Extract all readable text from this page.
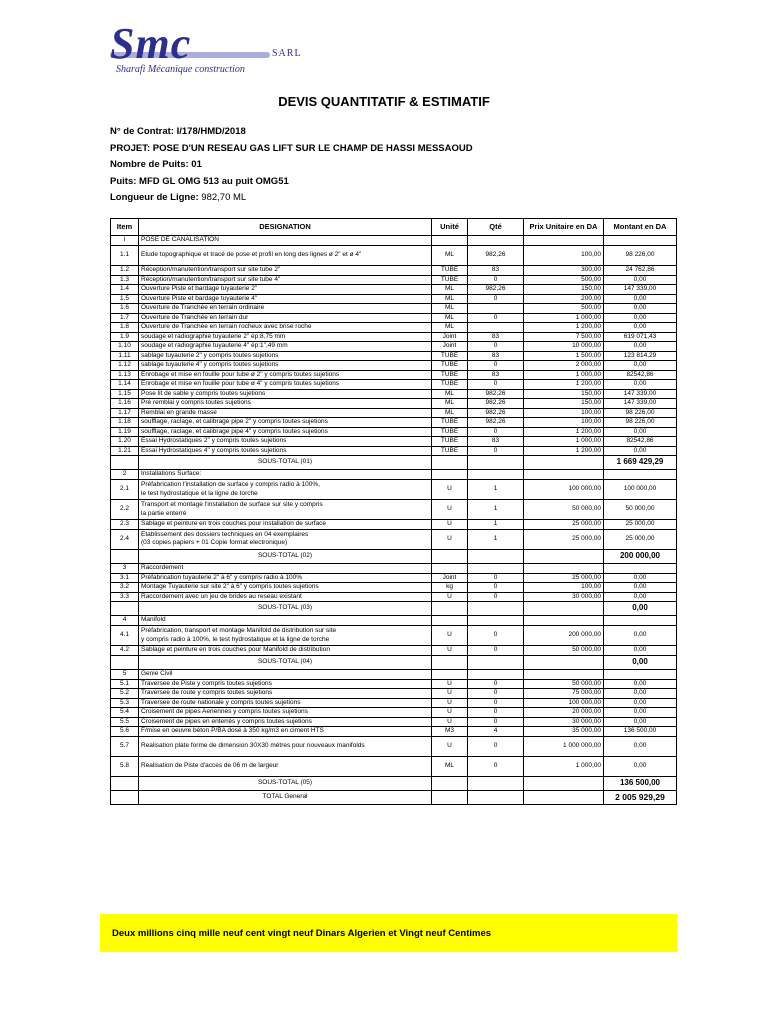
Smc	SARL
Sharafi Mécanique construction
DEVIS QUANTITATIF & ESTIMATIF
N° de Contrat: I/178/HMD/2018
PROJET: POSE D'UN RESEAU GAS LIFT SUR LE CHAMP DE HASSI MESSAOUD
Nombre de Puits: 01
Puits: MFD GL OMG 513 au puit OMG51
Longueur de Ligne: 982,70 ML
Item	DESIGNATION	Unité	Qté	Prix Unitaire en DA	Montant en DA
I	POSE DE CANALISATION				
1.1	Etude topographique et tracé de pose et profil en long des lignes ø 2" et ø 4"	ML	982,26	100,00	98 226,00
1.2	Réception/manutention/transport sur site tube 2"	TUBE	83	300,00	24 762,86
1.3	Réception/manutention/transport sur site tube 4"	TUBE	0	500,00	0,00
1.4	Ouverture Piste et bardage tuyauterie 2"	ML	982,26	150,00	147 339,00
1.5	Ouverture Piste et bardage tuyauterie 4"	ML	0	200,00	0,00
1.6	Ouverture de Tranchée en terrain ordinaire	ML		500,00	0,00
1.7	Ouverture de Tranchée en terrain dur	ML	0	1 000,00	0,00
1.8	Ouverture de Tranchée en terrain rocheux avec brise roche	ML		1 200,00	0,00
1.9	soudage et radiographie tuyauterie 2" ép:8,75 mm	Joint	83	7 500,00	619 071,43
1.10	soudage et radiographie tuyauterie 4" ép:1",49 mm	Joint	0	10 000,00	0,00
1.11	sablage tuyauterie 2" y compris toutes sujetions	TUBE	83	1 500,00	123 814,29
1.12	sablage tuyauterie 4" y compris toutes sujetions	TUBE	0	2 000,00	0,00
1.13	Enrobage et mise en fouille pour tube ø 2" y compris toutes sujetions	TUBE	83	1 000,00	82542,86
1.14	Enrobage et mise en fouille pour tube ø 4" y compris toutes sujetions	TUBE	0	1 200,00	0,00
1.15	Pose lit de sable y compris toutes sujetions	ML	982,26	150,00	147 339,00
1.16	Pré remblai y compris toutes sujetions	ML	982,26	150,00	147 339,00
1.17	Remblai en grande masse	ML	982,26	100,00	98 226,00
1.18	soufflage, raclage, et calibrage pipe 2" y compris toutes sujetions	TUBE	982,26	100,00	98 226,00
1.19	soufflage, raclage, et calibrage pipe 4" y compris toutes sujetions	TUBE	0	1 200,00	0,00
1.20	Essai Hydrostatiques 2" y compris toutes sujetions	TUBE	83	1 000,00	82542,86
1.21	Essai Hydrostatiques 4" y compris toutes sujetions	TUBE	0	1 200,00	0,00
	SOUS-TOTAL (01)				1 669 429,29
2	Installations Surface:				
2.1	Préfabrication l'installation de surface y compris radio à 100%,
le test hydrostatique et la ligne de torche	U	1	100 000,00	100 000,00
2.2	Transport et montage l'installation de surface sur site y compris
la partie enterré	U	1	50 000,00	50 000,00
2.3	Sablage et peinture en trois couches pour installation de surface	U	1	25 000,00	25 000,00
2.4	Etablissement des dossiers techniques en 04 exemplaires
(03 copies papiers + 01 Copie format electronique)	U	1	25 000,00	25 000,00
	SOUS-TOTAL (02)				200 000,00
3	Raccordement				
3.1	Préfabrication tuyauterie 2" à 6" y compris radio à 100%	Joint	0	25 000,00	0,00
3.2	Montage Tuyauterie sur site 2" à 6" y compris toutes sujetions	kg	0	100,00	0,00
3.3	Raccordement avec un jeu de brides au reseau existant	U	0	30 000,00	0,00
	SOUS-TOTAL (03)				0,00
4	Manifold				
4.1	Préfabrication, transport et montage Manifold de distribution sur site
y compris radio à 100%, le test hydrostatique et la ligne de torche	U	0	200 000,00	0,00
4.2	Sablage et peinture en trois couches pour Manifold de distribution	U	0	50 000,00	0,00
	SOUS-TOTAL (04)				0,00
5	Genie Civil				
5.1	Traversee de Piste y compris toutes sujetions	U	0	50 000,00	0,00
5.2	Traversee de route y compris toutes sujetions	U	0	75 000,00	0,00
5.3	Traversee de route nationale y compris toutes sujetions	U	0	100 000,00	0,00
5.4	Croisement de pipes Aeriennes y compris toutes sujetions	U	0	20 000,00	0,00
5.5	Croisement de pipes en enterrés y compris toutes sujetions	U	0	30 000,00	0,00
5.6	F/mise en oeuvre béton P/BA dosé à 350 kg/m3 en ciment HTS	M3	4	35 000,00	136 500,00
5.7	Realisation plate forme de dimension 30X30 métres pour nouveaux manifolds	U	0	1 000 000,00	0,00
5.8	Realisation de Piste d'acces de 06 m de largeur	ML	0	1 000,00	0,00
	SOUS-TOTAL (05)				136 500,00
	TOTAL General				2 005 929,29
Deux millions cinq mille neuf cent vingt neuf Dinars Algerien et Vingt neuf Centimes
